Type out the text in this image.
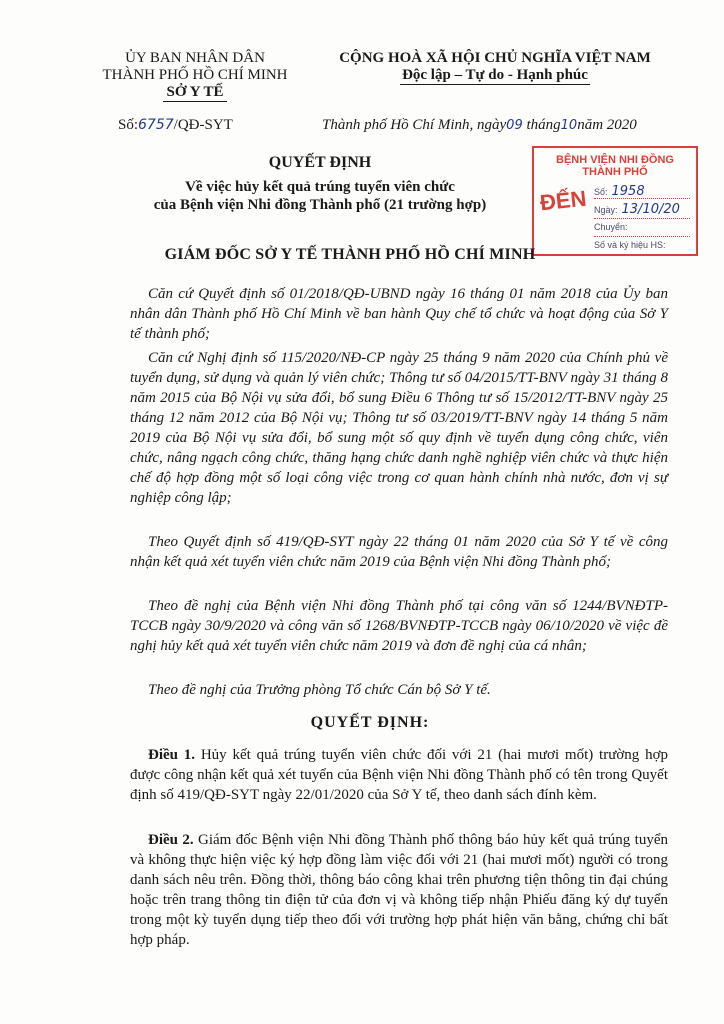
ỦY BAN NHÂN DÂN
THÀNH PHỐ HỒ CHÍ MINH
SỞ Y TẾ
CỘNG HOÀ XÃ HỘI CHỦ NGHĨA VIỆT NAM
Độc lập – Tự do - Hạnh phúc
Số:6757/QĐ-SYT	Thành phố Hồ Chí Minh, ngày09 tháng10năm 2020
QUYẾT ĐỊNH
Về việc hủy kết quả trúng tuyển viên chức
của Bệnh viện Nhi đồng Thành phố (21 trường hợp)
BỆNH VIỆN NHI ĐỒNG
THÀNH PHỐ
ĐẾN Số: 1958
Ngày: 13/10/20
Chuyển:
Số và ký hiệu HS:
GIÁM ĐỐC SỞ Y TẾ THÀNH PHỐ HỒ CHÍ MINH
Căn cứ Quyết định số 01/2018/QĐ-UBND ngày 16 tháng 01 năm 2018 của Ủy ban nhân dân Thành phố Hồ Chí Minh về ban hành Quy chế tổ chức và hoạt động của Sở Y tế thành phố;
Căn cứ Nghị định số 115/2020/NĐ-CP ngày 25 tháng 9 năm 2020 của Chính phủ về tuyển dụng, sử dụng và quản lý viên chức; Thông tư số 04/2015/TT-BNV ngày 31 tháng 8 năm 2015 của Bộ Nội vụ sửa đổi, bổ sung Điều 6 Thông tư số 15/2012/TT-BNV ngày 25 tháng 12 năm 2012 của Bộ Nội vụ; Thông tư số 03/2019/TT-BNV ngày 14 tháng 5 năm 2019 của Bộ Nội vụ sửa đổi, bổ sung một số quy định về tuyển dụng công chức, viên chức, nâng ngạch công chức, thăng hạng chức danh nghề nghiệp viên chức và thực hiện chế độ hợp đồng một số loại công việc trong cơ quan hành chính nhà nước, đơn vị sự nghiệp công lập;
Theo Quyết định số 419/QĐ-SYT ngày 22 tháng 01 năm 2020 của Sở Y tế về công nhận kết quả xét tuyển viên chức năm 2019 của Bệnh viện Nhi đồng Thành phố;
Theo đề nghị của Bệnh viện Nhi đồng Thành phố tại công văn số 1244/BVNĐTP-TCCB ngày 30/9/2020 và công văn số 1268/BVNĐTP-TCCB ngày 06/10/2020 về việc đề nghị hủy kết quả xét tuyển viên chức năm 2019 và đơn đề nghị của cá nhân;
Theo đề nghị của Trưởng phòng Tổ chức Cán bộ Sở Y tế.
QUYẾT ĐỊNH:
Điều 1. Hủy kết quả trúng tuyển viên chức đối với 21 (hai mươi mốt) trường hợp được công nhận kết quả xét tuyển của Bệnh viện Nhi đồng Thành phố có tên trong Quyết định số 419/QĐ-SYT ngày 22/01/2020 của Sở Y tế, theo danh sách đính kèm.
Điều 2. Giám đốc Bệnh viện Nhi đồng Thành phố thông báo hủy kết quả trúng tuyển và không thực hiện việc ký hợp đồng làm việc đối với 21 (hai mươi mốt) người có trong danh sách nêu trên. Đồng thời, thông báo công khai trên phương tiện thông tin đại chúng hoặc trên trang thông tin điện tử của đơn vị và không tiếp nhận Phiếu đăng ký dự tuyển trong một kỳ tuyển dụng tiếp theo đối với trường hợp phát hiện văn bằng, chứng chỉ bất hợp pháp.
